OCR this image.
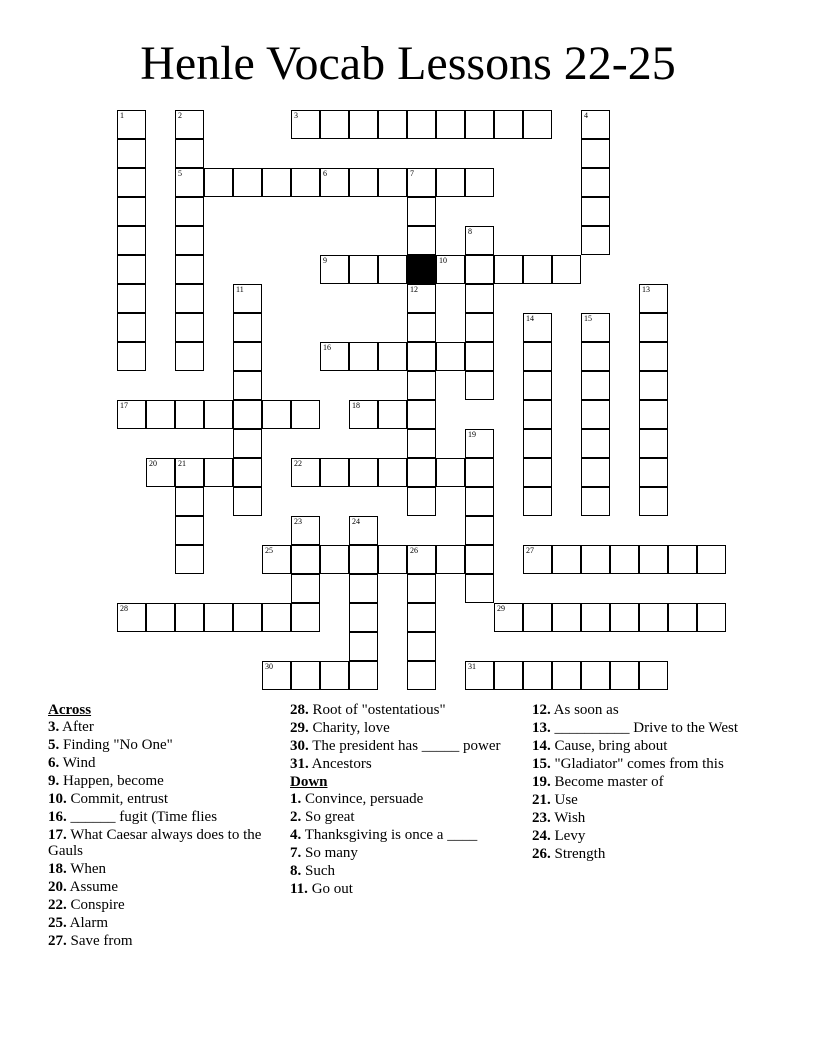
Henle Vocab Lessons 22-25
1	2	3	4
5	6	7
8
9	10
11	12	13
14	15
16
17	18
19
20	21	22
23	24
25	26	27
28	29
30	31
Across
3. After
5. Finding "No One"
6. Wind
9. Happen, become
10. Commit, entrust
16. ______ fugit (Time flies
17. What Caesar always does to the Gauls
18. When
20. Assume
22. Conspire
25. Alarm
27. Save from
28. Root of "ostentatious"
29. Charity, love
30. The president has _____ power
31. Ancestors
Down
1. Convince, persuade
2. So great
4. Thanksgiving is once a ____
7. So many
8. Such
11. Go out
12. As soon as
13. __________ Drive to the West
14. Cause, bring about
15. "Gladiator" comes from this
19. Become master of
21. Use
23. Wish
24. Levy
26. Strength
